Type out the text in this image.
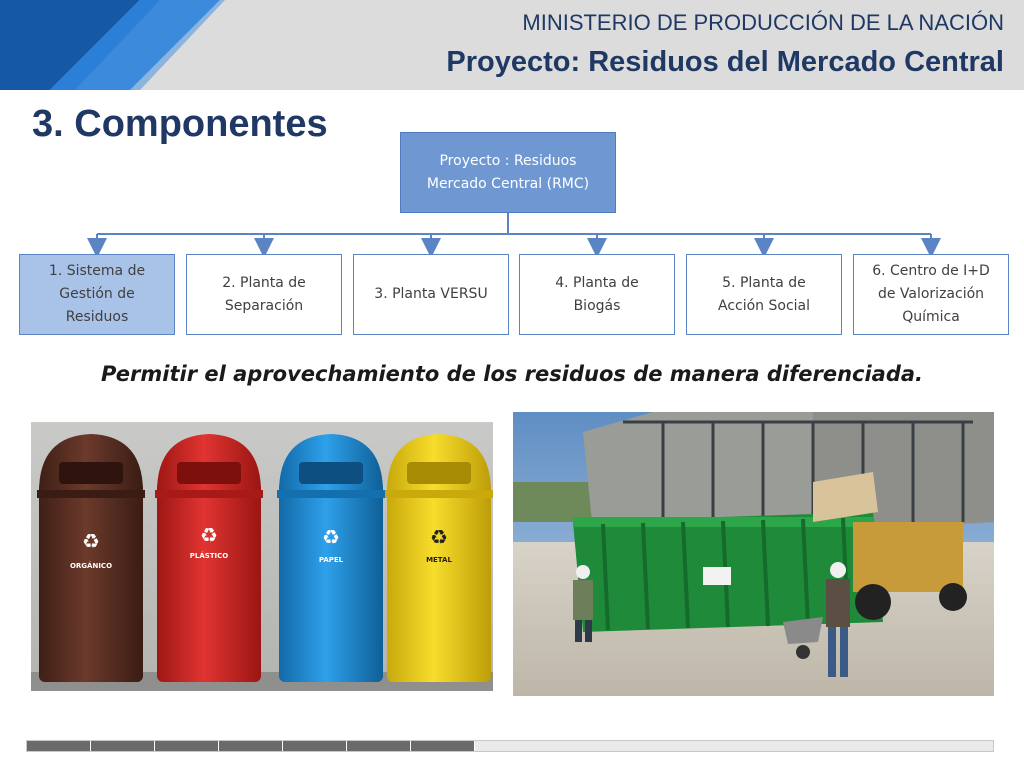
MINISTERIO DE PRODUCCIÓN DE LA NACIÓN
Proyecto: Residuos del Mercado Central
3. Componentes
Proyecto : Residuos
Mercado Central (RMC)
1. Sistema de
Gestión de
Residuos
2. Planta de
Separación
3. Planta VERSU
4. Planta de
Biogás
5. Planta de
Acción Social
6. Centro de I+D
de Valorización
Química
Permitir el aprovechamiento de los residuos de manera diferenciada.
♻	♻	♻	♻
ORGÁNICO
PLÁSTICO	PAPEL	METAL
